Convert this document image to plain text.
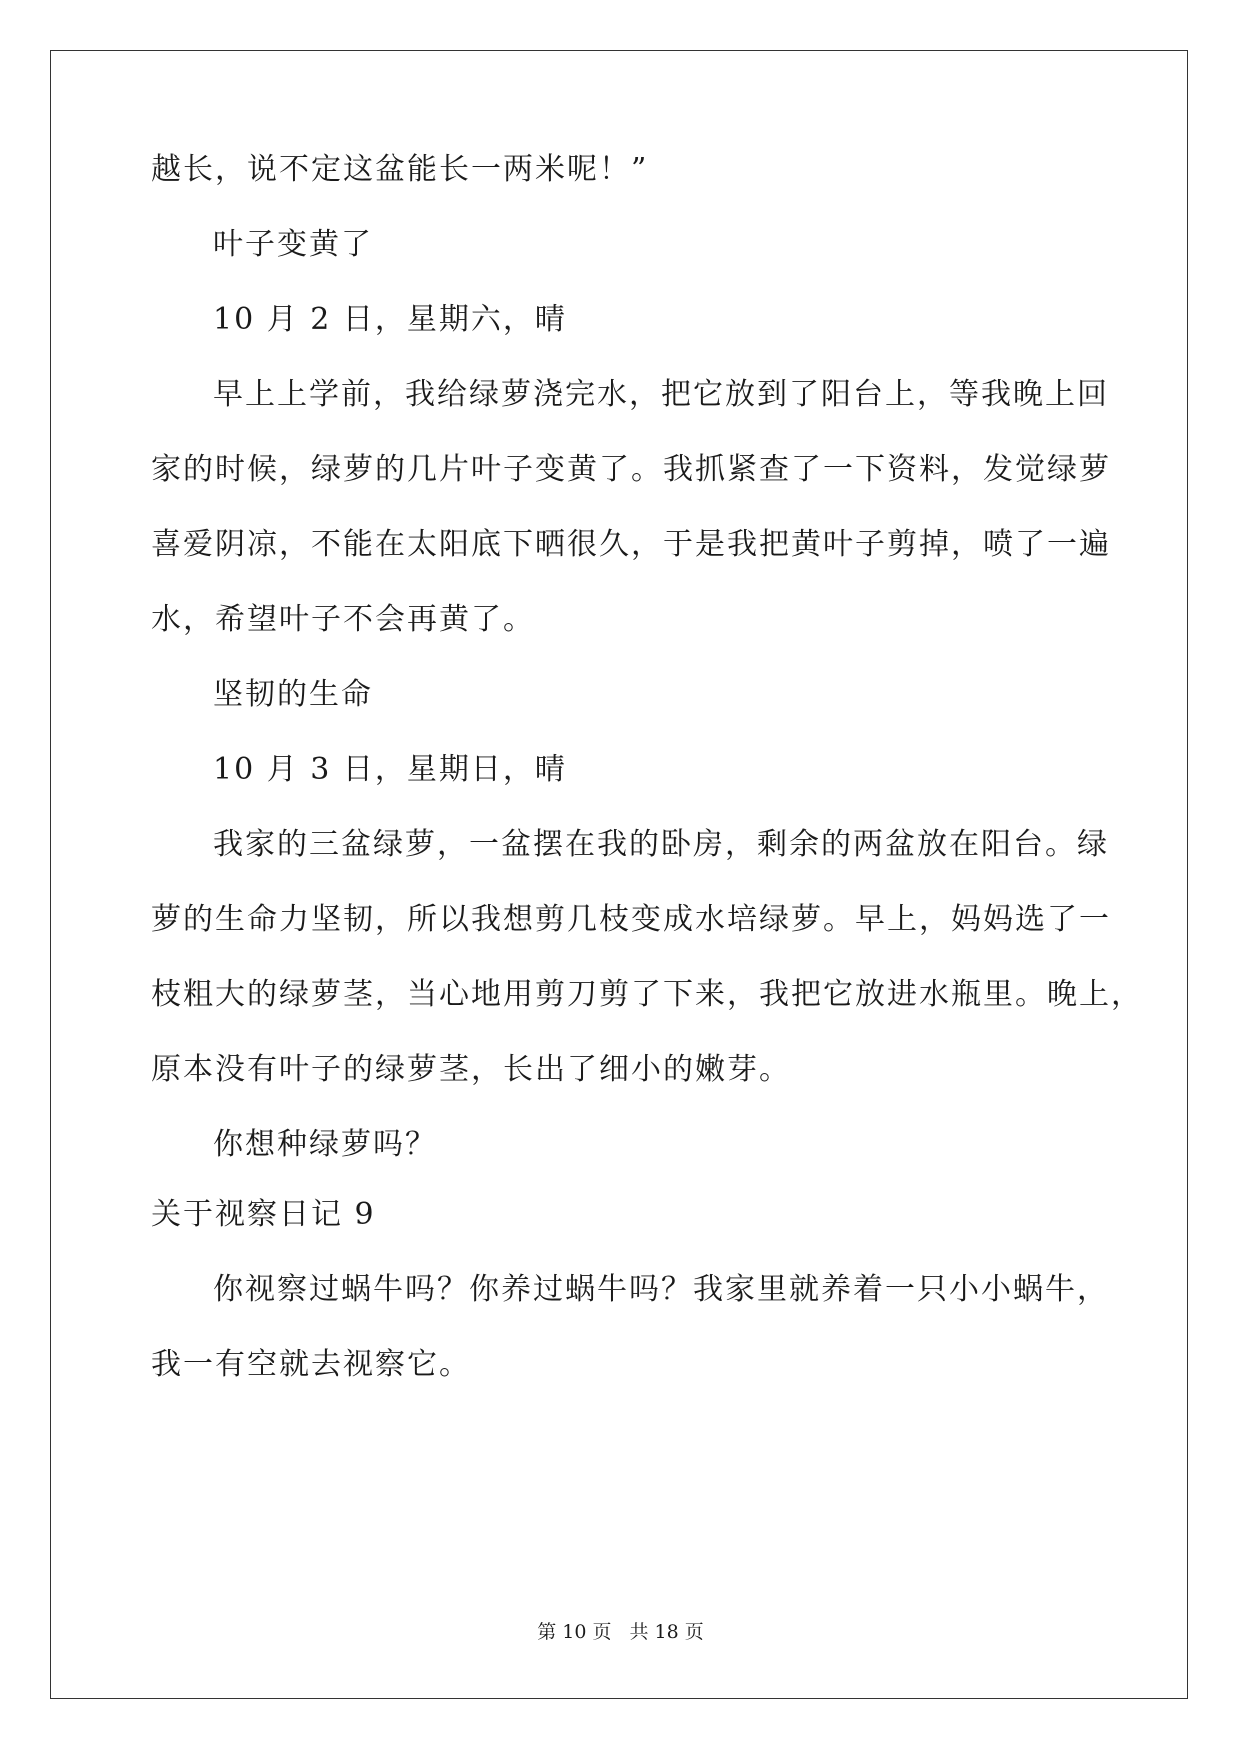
越长，说不定这盆能长一两米呢！”
叶子变黄了
10 月 2 日，星期六，晴
早上上学前，我给绿萝浇完水，把它放到了阳台上，等我晚上回
家的时候，绿萝的几片叶子变黄了。我抓紧查了一下资料，发觉绿萝
喜爱阴凉，不能在太阳底下晒很久，于是我把黄叶子剪掉，喷了一遍
水，希望叶子不会再黄了。
坚韧的生命
10 月 3 日，星期日，晴
我家的三盆绿萝，一盆摆在我的卧房，剩余的两盆放在阳台。绿
萝的生命力坚韧，所以我想剪几枝变成水培绿萝。早上，妈妈选了一
枝粗大的绿萝茎，当心地用剪刀剪了下来，我把它放进水瓶里。晚上，
原本没有叶子的绿萝茎，长出了细小的嫩芽。
你想种绿萝吗？
关于视察日记 9
你视察过蜗牛吗？你养过蜗牛吗？我家里就养着一只小小蜗牛，
我一有空就去视察它。
第 10 页 共 18 页
